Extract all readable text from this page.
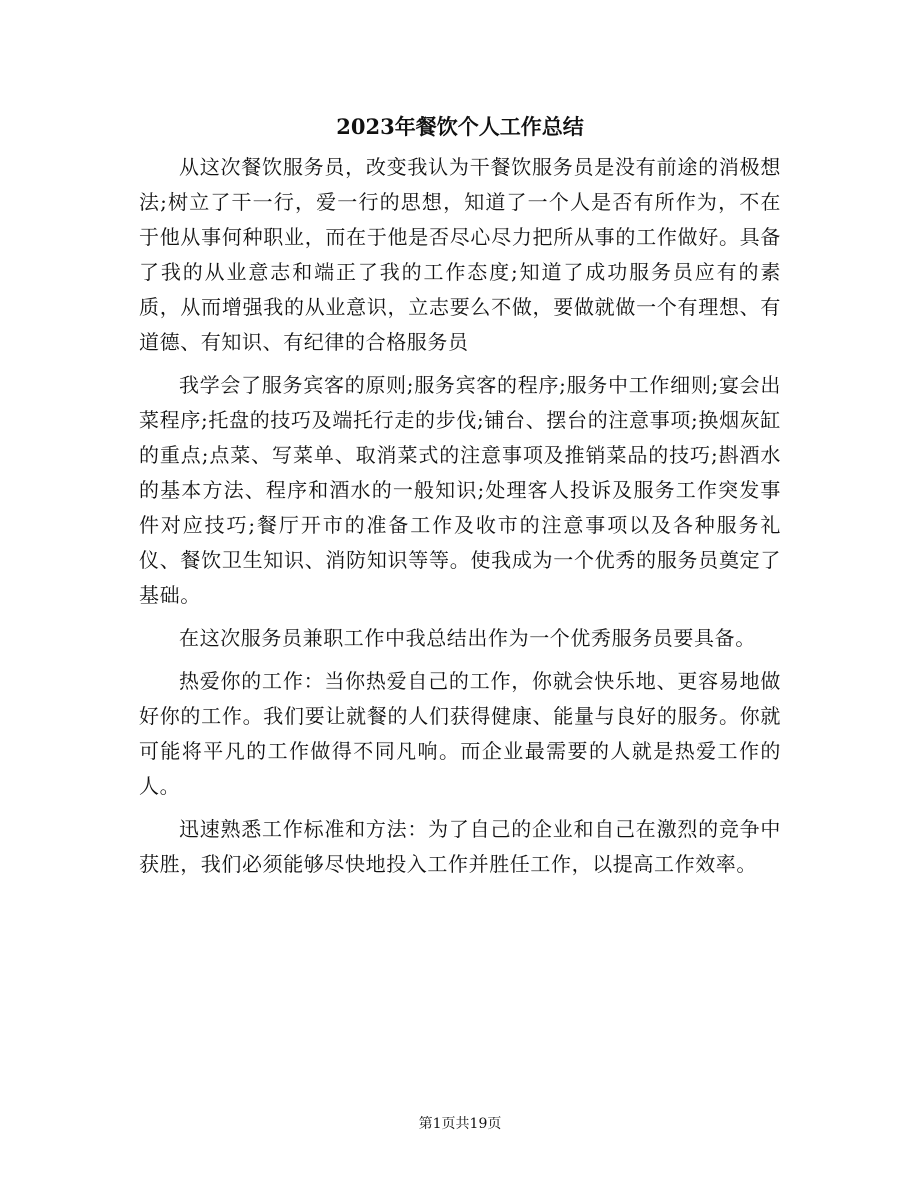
2023年餐饮个人工作总结

从这次餐饮服务员，改变我认为干餐饮服务员是没有前途的消极想法;树立了干一行，爱一行的思想，知道了一个人是否有所作为，不在于他从事何种职业，而在于他是否尽心尽力把所从事的工作做好。具备了我的从业意志和端正了我的工作态度;知道了成功服务员应有的素质，从而增强我的从业意识，立志要么不做，要做就做一个有理想、有道德、有知识、有纪律的合格服务员

我学会了服务宾客的原则;服务宾客的程序;服务中工作细则;宴会出菜程序;托盘的技巧及端托行走的步伐;铺台、摆台的注意事项;换烟灰缸的重点;点菜、写菜单、取消菜式的注意事项及推销菜品的技巧;斟酒水的基本方法、程序和酒水的一般知识;处理客人投诉及服务工作突发事件对应技巧;餐厅开市的准备工作及收市的注意事项以及各种服务礼仪、餐饮卫生知识、消防知识等等。使我成为一个优秀的服务员奠定了基础。

在这次服务员兼职工作中我总结出作为一个优秀服务员要具备。

热爱你的工作：当你热爱自己的工作，你就会快乐地、更容易地做好你的工作。我们要让就餐的人们获得健康、能量与良好的服务。你就可能将平凡的工作做得不同凡响。而企业最需要的人就是热爱工作的人。

迅速熟悉工作标准和方法：为了自己的企业和自己在激烈的竞争中获胜，我们必须能够尽快地投入工作并胜任工作，以提高工作效率。

第1页共19页
